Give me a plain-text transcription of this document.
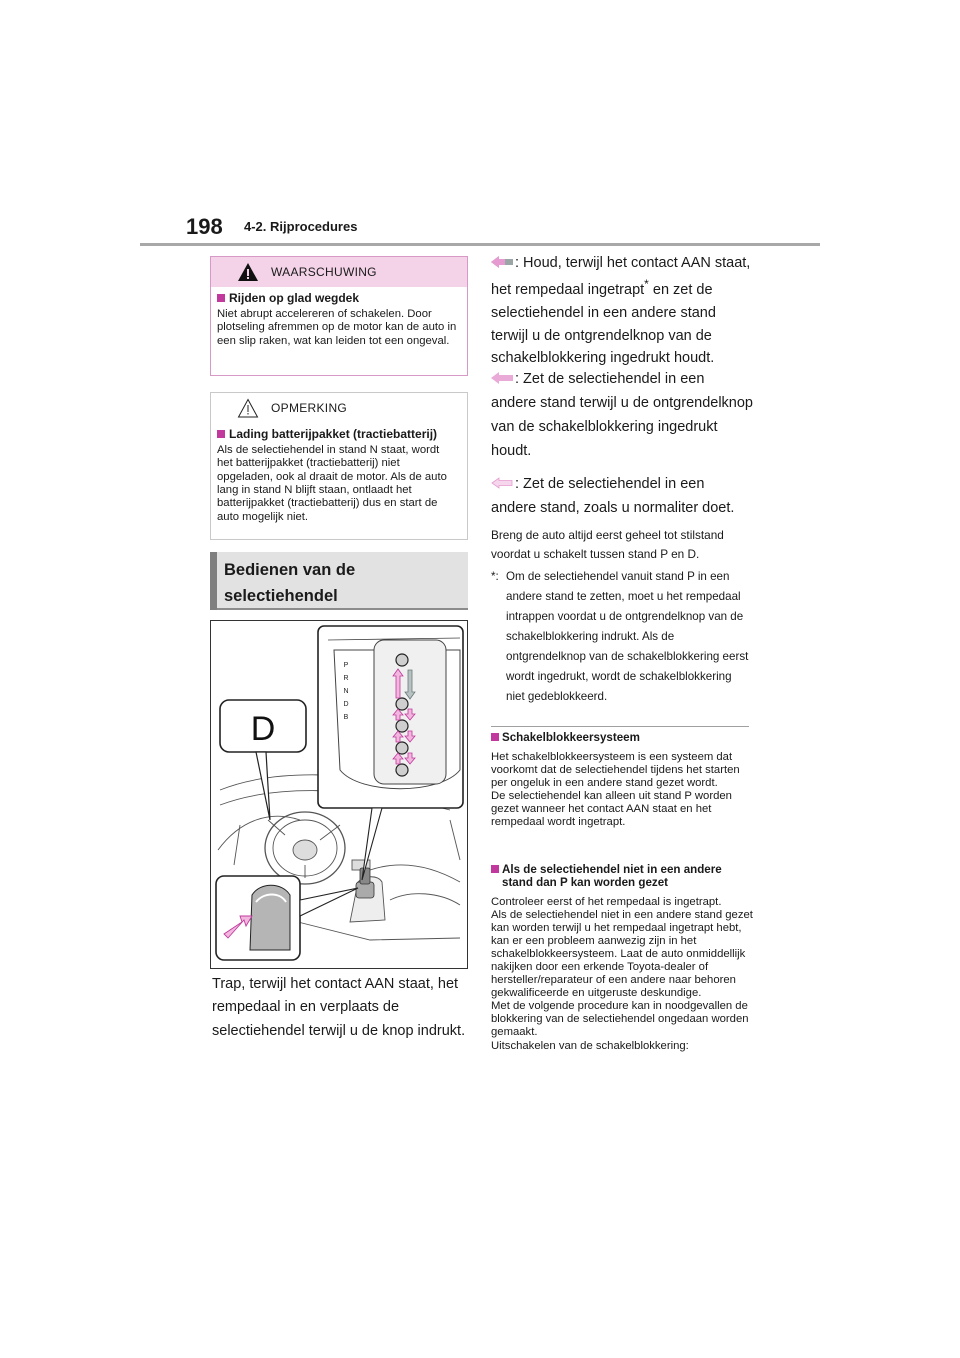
198 4-2. Rijprocedures
WAARSCHUWING
Rijden op glad wegdek
Niet abrupt accelereren of schakelen. Door plotseling afremmen op de motor kan de auto in een slip raken, wat kan leiden tot een ongeval.
OPMERKING
Lading batterijpakket (tractiebatterij)
Als de selectiehendel in stand N staat, wordt het batterijpakket (tractiebatterij) niet opgeladen, ook al draait de motor. Als de auto lang in stand N blijft staan, ontlaadt het batterijpakket (tractiebatterij) dus en start de auto mogelijk niet.
Bedienen van de
selectiehendel
D
P
R
N
D
B
Trap, terwijl het contact AAN staat, het rempedaal in en verplaats de selectiehendel terwijl u de knop indrukt.
: Houd, terwijl het contact AAN staat, het rempedaal ingetrapt* en zet de selectiehendel in een andere stand terwijl u de ontgrendelknop van de schakelblokkering ingedrukt houdt.
: Zet de selectiehendel in een andere stand terwijl u de ontgrendelknop van de schakelblokkering ingedrukt houdt.
: Zet de selectiehendel in een andere stand, zoals u normaliter doet.
Breng de auto altijd eerst geheel tot stilstand voordat u schakelt tussen stand P en D.
*: Om de selectiehendel vanuit stand P in een andere stand te zetten, moet u het rempedaal intrappen voordat u de ontgrendelknop van de schakelblokkering indrukt. Als de ontgrendelknop van de schakelblokkering eerst wordt ingedrukt, wordt de schakelblokkering niet gedeblokkeerd.
Schakelblokkeersysteem
Het schakelblokkeersysteem is een systeem dat voorkomt dat de selectiehendel tijdens het starten per ongeluk in een andere stand gezet wordt.
De selectiehendel kan alleen uit stand P worden gezet wanneer het contact AAN staat en het rempedaal wordt ingetrapt.
Als de selectiehendel niet in een andere stand dan P kan worden gezet
Controleer eerst of het rempedaal is ingetrapt.
Als de selectiehendel niet in een andere stand gezet kan worden terwijl u het rempedaal ingetrapt hebt, kan er een probleem aanwezig zijn in het schakelblokkeersysteem. Laat de auto onmiddellijk nakijken door een erkende Toyota-dealer of hersteller/reparateur of een andere naar behoren gekwalificeerde en uitgeruste deskundige.
Met de volgende procedure kan in noodgevallen de blokkering van de selectiehendel ongedaan worden gemaakt.
Uitschakelen van de schakelblokkering:
